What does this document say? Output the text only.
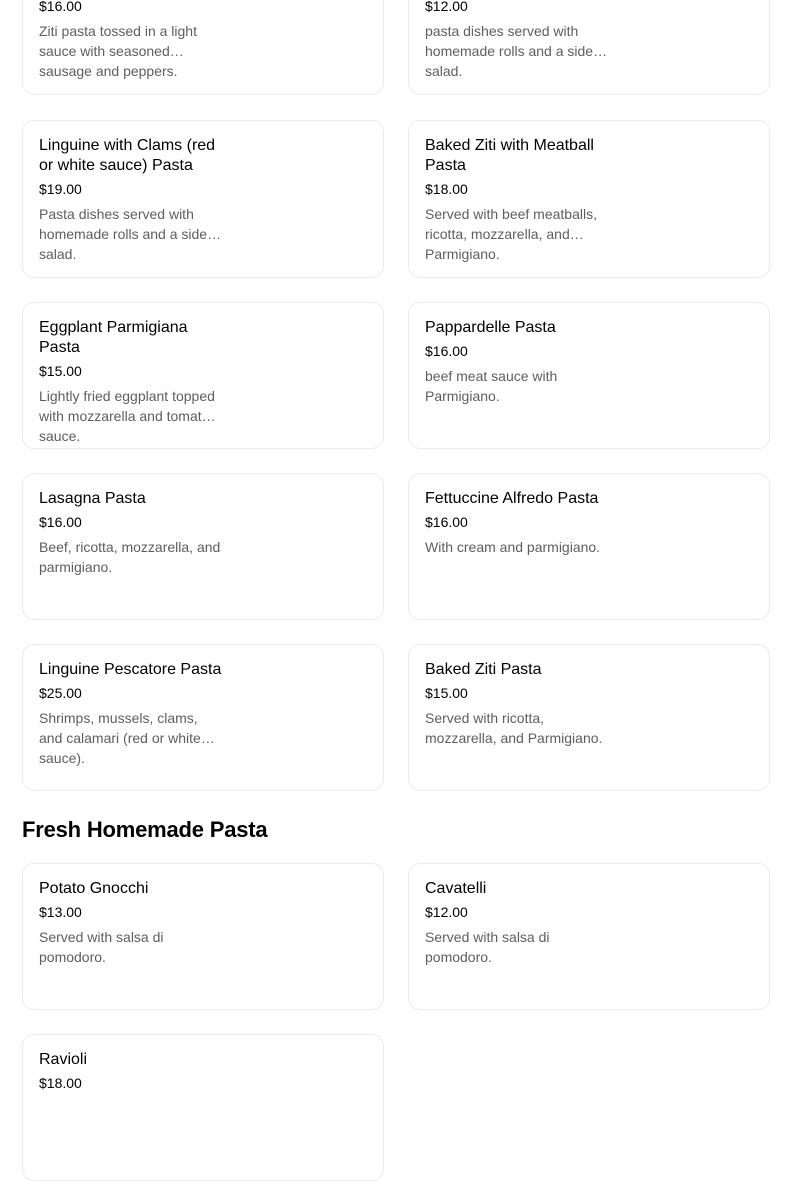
$16.00
Ziti pasta tossed in a light sauce with seasoned sausage and peppers.
$12.00
pasta dishes served with homemade rolls and a side salad.
Linguine with Clams (red or white sauce) Pasta
$19.00
Pasta dishes served with homemade rolls and a side salad.
Baked Ziti with Meatball Pasta
$18.00
Served with beef meatballs, ricotta, mozzarella, and Parmigiano.
Eggplant Parmigiana Pasta
$15.00
Lightly fried eggplant topped with mozzarella and tomato sauce.
Pappardelle Pasta
$16.00
beef meat sauce with Parmigiano.
Lasagna Pasta
$16.00
Beef, ricotta, mozzarella, and parmigiano.
Fettuccine Alfredo Pasta
$16.00
With cream and parmigiano.
Linguine Pescatore Pasta
$25.00
Shrimps, mussels, clams, and calamari (red or white sauce).
Baked Ziti Pasta
$15.00
Served with ricotta, mozzarella, and Parmigiano.
Fresh Homemade Pasta
Potato Gnocchi
$13.00
Served with salsa di pomodoro.
Cavatelli
$12.00
Served with salsa di pomodoro.
Ravioli
$18.00
